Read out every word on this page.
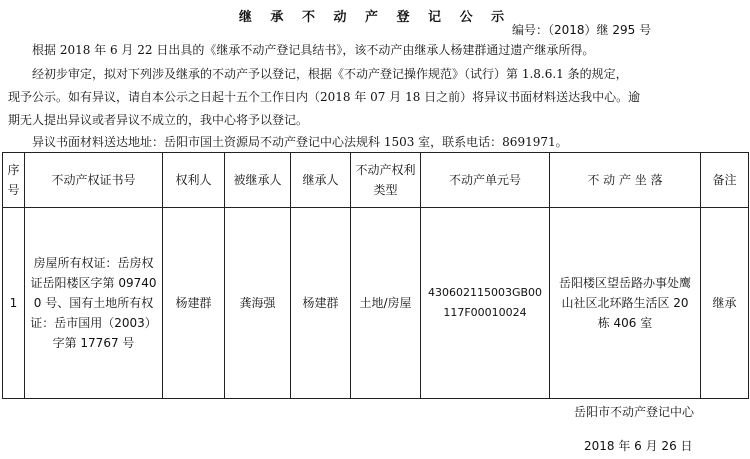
继 承 不 动 产 登 记 公 示
编号：（2018）继 295 号
根据 2018 年 6 月 22 日出具的《继承不动产登记具结书》，该不动产由继承人杨建群通过遗产继承所得。
经初步审定，拟对下列涉及继承的不动产予以登记，根据《不动产登记操作规范》（试行）第 1.8.6.1 条的规定，
现予公示。如有异议，请自本公示之日起十五个工作日内（2018 年 07 月 18 日之前）将异议书面材料送达我中心。逾
期无人提出异议或者异议不成立的，我中心将予以登记。
异议书面材料送达地址：岳阳市国土资源局不动产登记中心法规科 1503 室，联系电话：8691971。
序号	不动产权证书号	权利人	被继承人	继承人	不动产权利类型	不动产单元号	不 动 产 坐 落	备注
1	房屋所有权证：岳房权证岳阳楼区字第 097400 号、国有土地所有权证：岳市国用（2003）字第 17767 号	杨建群	龚海强	杨建群	土地/房屋	430602115003GB00117F00010024	岳阳楼区望岳路办事处鹰山社区北环路生活区 20 栋 406 室	继承
岳阳市不动产登记中心
2018 年 6 月 26 日
